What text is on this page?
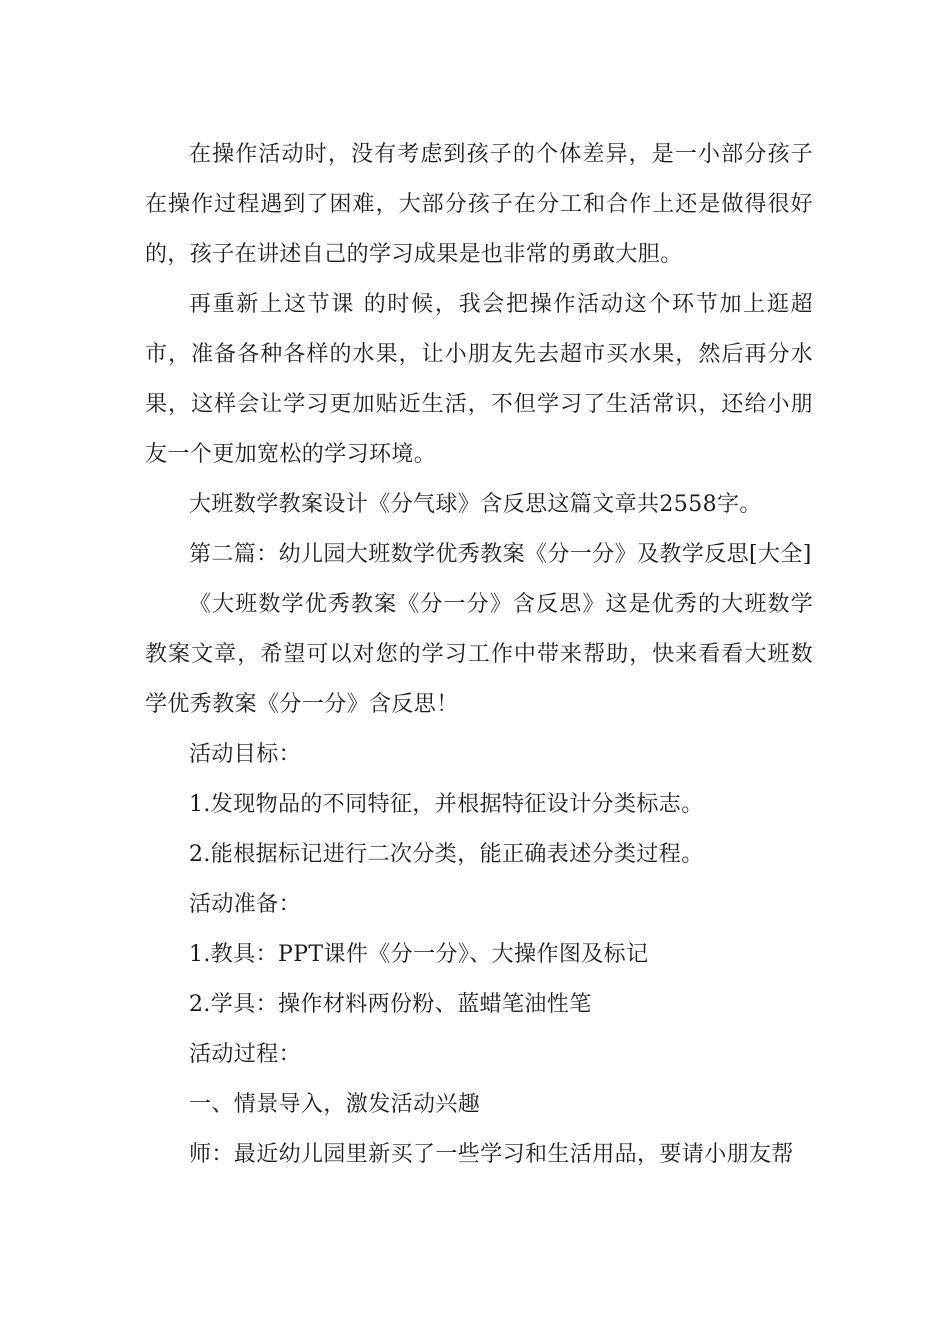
在操作活动时，没有考虑到孩子的个体差异，是一小部分孩子在操作过程遇到了困难，大部分孩子在分工和合作上还是做得很好的，孩子在讲述自己的学习成果是也非常的勇敢大胆。

再重新上这节课 的时候，我会把操作活动这个环节加上逛超市，准备各种各样的水果，让小朋友先去超市买水果，然后再分水果，这样会让学习更加贴近生活，不但学习了生活常识，还给小朋友一个更加宽松的学习环境。

大班数学教案设计《分气球》含反思这篇文章共2558字。

第二篇：幼儿园大班数学优秀教案《分一分》及教学反思[大全]

《大班数学优秀教案《分一分》含反思》这是优秀的大班数学教案文章，希望可以对您的学习工作中带来帮助，快来看看大班数学优秀教案《分一分》含反思！

活动目标：

1.发现物品的不同特征，并根据特征设计分类标志。

2.能根据标记进行二次分类，能正确表述分类过程。

活动准备：

1.教具：PPT课件《分一分》、大操作图及标记

2.学具：操作材料两份粉、蓝蜡笔油性笔

活动过程：

一、情景导入，激发活动兴趣

师：最近幼儿园里新买了一些学习和生活用品，要请小朋友帮
